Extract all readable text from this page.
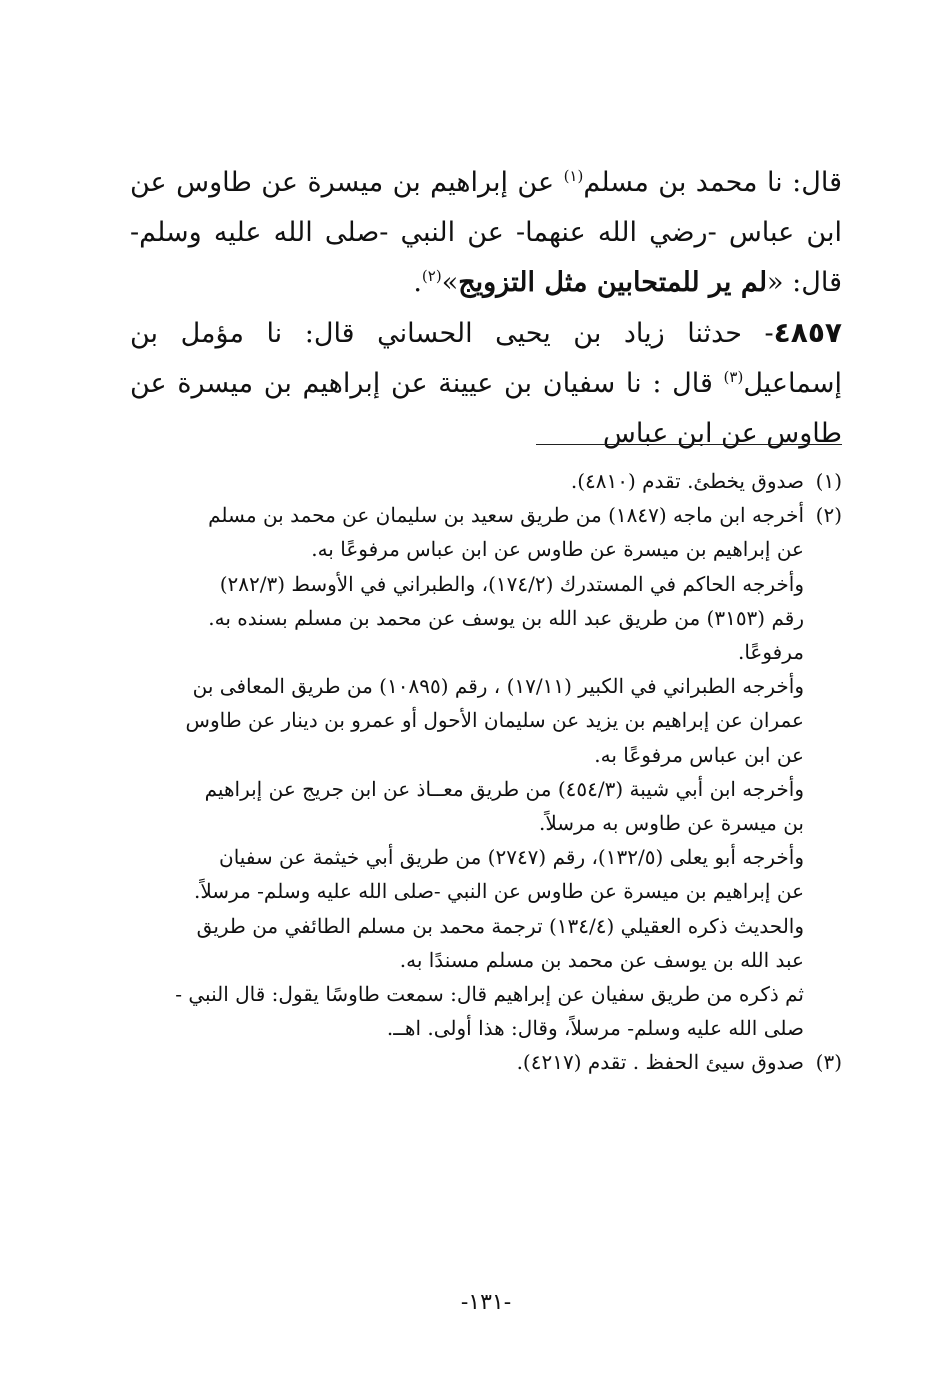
قال: نا محمد بن مسلم$^{(١)}$ عن إبراهيم بن ميسرة عن طاوس عن ابن عباس -رضي الله عنهما- عن النبي -صلى الله عليه وسلم- قال: «لم ير للمتحابين مثل التزويج»$^{(٢)}$.

٤٨٥٧- حدثنا زياد بن يحيى الحساني قال: نا مؤمل بن إسماعيل$^{(٣)}$ قال : نا سفيان بن عيينة عن إبراهيم بن ميسرة عن طاوس عن ابن عباس

(١)
صدوق يخطئ. تقدم (٤٨١٠).
(٢)
أخرجه ابن ماجه (١٨٤٧) من طريق سعيد بن سليمان عن محمد بن مسلم
عن إبراهيم بن ميسرة عن طاوس عن ابن عباس مرفوعًا به.
وأخرجه الحاكم في المستدرك (١٧٤/٢)، والطبراني في الأوسط (٢٨٢/٣)
رقم (٣١٥٣) من طريق عبد الله بن يوسف عن محمد بن مسلم بسنده به.
مرفوعًا.
وأخرجه الطبراني في الكبير (١٧/١١) ، رقم (١٠٨٩٥) من طريق المعافى بن
عمران عن إبراهيم بن يزيد عن سليمان الأحول أو عمرو بن دينار عن طاوس
عن ابن عباس مرفوعًا به.
وأخرجه ابن أبي شيبة (٤٥٤/٣) من طريق معــاذ عن ابن جريج عن إبراهيم
بن ميسرة عن طاوس به مرسلاً.
وأخرجه أبو يعلى (١٣٢/٥)، رقم (٢٧٤٧) من طريق أبي خيثمة عن سفيان
عن إبراهيم بن ميسرة عن طاوس عن النبي -صلى الله عليه وسلم- مرسلاً.
والحديث ذكره العقيلي (١٣٤/٤) ترجمة محمد بن مسلم الطائفي من طريق
عبد الله بن يوسف عن محمد بن مسلم مسندًا به.
ثم ذكره من طريق سفيان عن إبراهيم قال: سمعت طاوسًا يقول: قال النبي -
صلى الله عليه وسلم- مرسلاً، وقال: هذا أولى. اهــ.
(٣)
صدوق سيئ الحفظ . تقدم (٤٢١٧).
-١٣١-
